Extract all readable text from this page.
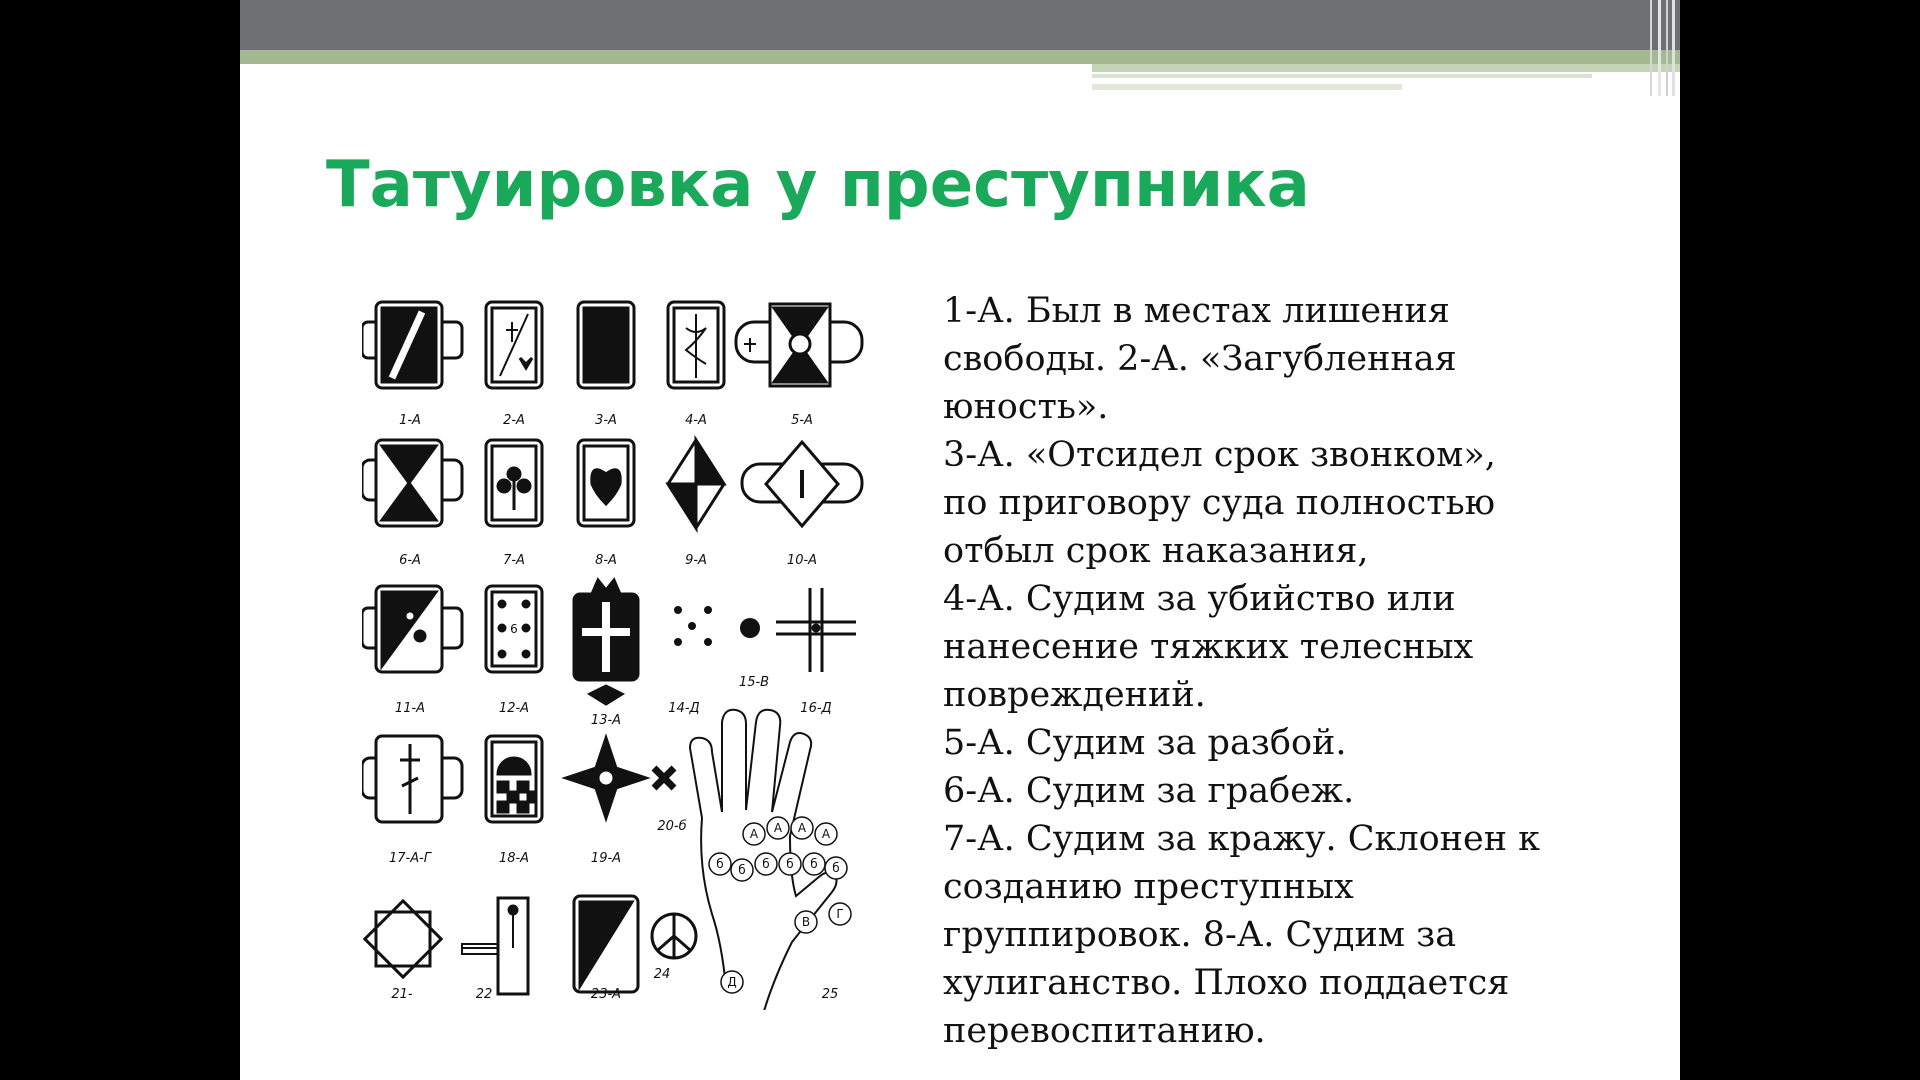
Татуировка у преступника
А А А А
б б б б б б
В
Г
Д
6
1-А	2-А	3-А	4-А	5-А
6-А	7-А	8-А	9-А	10-А
11-А	12-А
13-А
14-Д
15-В
16-Д
17-А-Г	18-А	19-А
20-б
21-	22	23-А
24
25

1-А. Был в местах лишения

свободы. 2-А. «Загубленная

юность».

3-А. «Отсидел срок звонком»,

по приговору суда полностью

отбыл срок наказания,

4-А. Судим за убийство или

нанесение тяжких телесных

повреждений.

5-А. Судим за разбой.

6-А. Судим за грабеж.

7-А. Судим за кражу. Склонен к

созданию преступных

группировок. 8-А. Судим за

хулиганство. Плохо поддается

перевоспитанию.
